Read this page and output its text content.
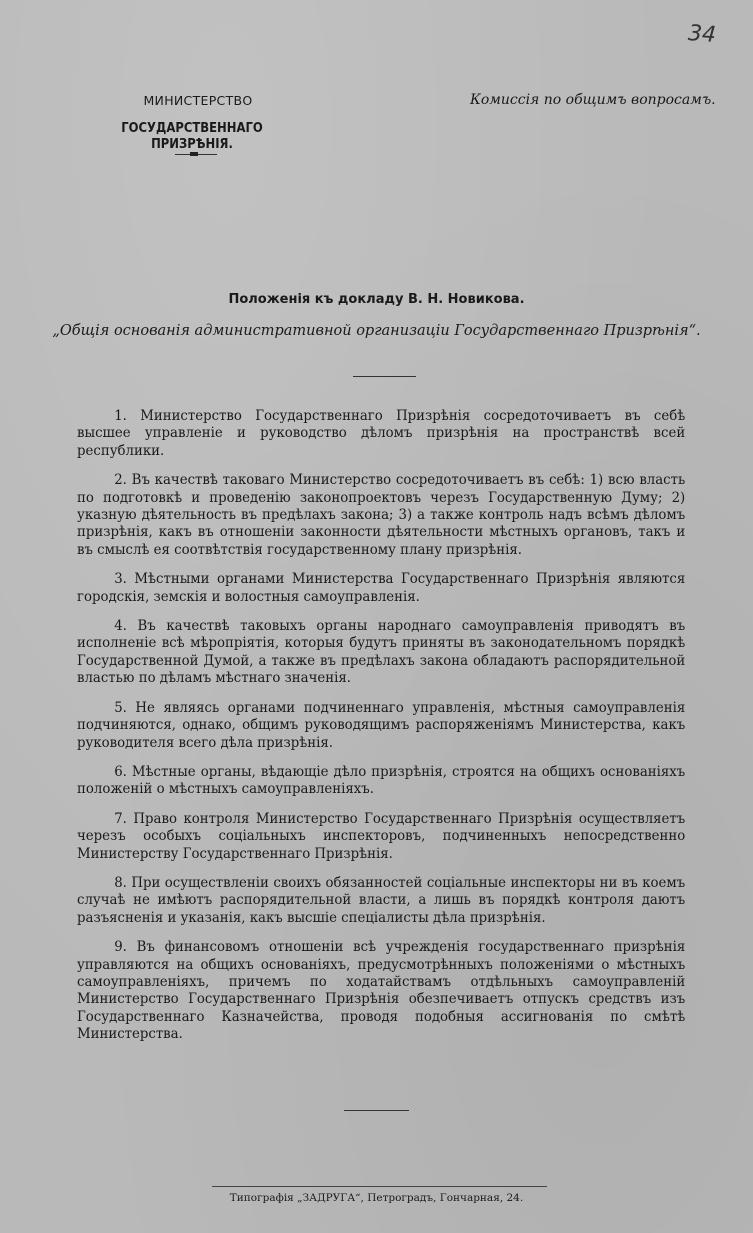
34
МИНИСТЕРСТВО
ГОСУДАРСТВЕННАГО ПРИЗРѢНІЯ.
Комиссія по общимъ вопросамъ.
Положенія къ докладу В. Н. Новикова.
„Общія основанія административной организаціи Государственнаго Призрѣнія“.

1. Министерство Государственнаго Призрѣнія сосредоточиваетъ въ себѣ высшее управленіе и руководство дѣломъ призрѣнія на пространствѣ всей республики.

2. Въ качествѣ таковаго Министерство сосредоточиваетъ въ себѣ: 1) всю власть по подготовкѣ и проведенію законопроектовъ черезъ Государственную Думу; 2) указную дѣятельность въ предѣлахъ закона; 3) а также контроль надъ всѣмъ дѣломъ призрѣнія, какъ въ отношеніи законности дѣятельности мѣстныхъ органовъ, такъ и въ смыслѣ ея соотвѣтствія государственному плану призрѣнія.

3. Мѣстными органами Министерства Государственнаго Призрѣнія являются городскія, земскія и волостныя самоуправленія.

4. Въ качествѣ таковыхъ органы народнаго самоуправленія приводятъ въ исполненіе всѣ мѣропріятія, которыя будутъ приняты въ законодательномъ порядкѣ Государственной Думой, а также въ предѣлахъ закона обладаютъ распорядительной властью по дѣламъ мѣстнаго значенія.

5. Не являясь органами подчиненнаго управленія, мѣстныя самоуправленія подчиняются, однако, общимъ руководящимъ распоряженіямъ Министерства, какъ руководителя всего дѣла призрѣнія.

6. Мѣстные органы, вѣдающіе дѣло призрѣнія, строятся на общихъ основаніяхъ положеній о мѣстныхъ самоуправленіяхъ.

7. Право контроля Министерство Государственнаго Призрѣнія осуществляетъ черезъ особыхъ соціальныхъ инспекторовъ, подчиненныхъ непосредственно Министерству Государственнаго Призрѣнія.

8. При осуществленіи своихъ обязанностей соціальные инспекторы ни въ коемъ случаѣ не имѣютъ распорядительной власти, а лишь въ порядкѣ контроля даютъ разъясненія и указанія, какъ высшіе спеціалисты дѣла призрѣнія.

9. Въ финансовомъ отношеніи всѣ учрежденія государственнаго призрѣнія управляются на общихъ основаніяхъ, предусмотрѣнныхъ положеніями о мѣстныхъ самоуправленіяхъ, причемъ по ходатайствамъ отдѣльныхъ самоуправленій Министерство Государственнаго Призрѣнія обезпечиваетъ отпускъ средствъ изъ Государственнаго Казначейства, проводя подобныя ассигнованія по смѣтѣ Министерства.

Типографія „ЗАДРУГА“, Петроградъ, Гончарная, 24.
